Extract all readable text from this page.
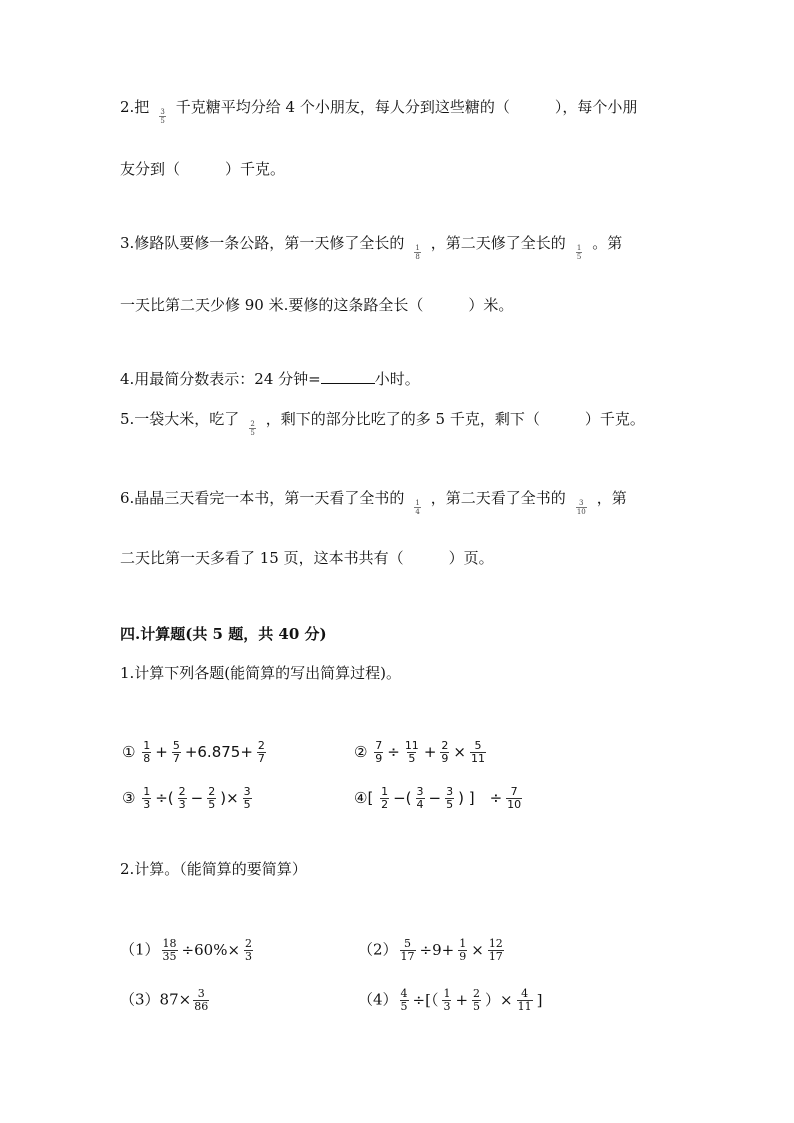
2.把 $\frac{3}{5}$ 千克糖平均分给 4 个小朋友，每人分到这些糖的（　　　），每个小朋
友分到（　　　）千克。
3.修路队要修一条公路，第一天修了全长的 $\frac{1}{8}$ ，第二天修了全长的 $\frac{1}{5}$ 。第
一天比第二天少修 90 米.要修的这条路全长（　　　）米。
4.用最简分数表示：24 分钟=	小时。
5.一袋大米，吃了 $\frac{2}{5}$ ，剩下的部分比吃了的多 5 千克，剩下（　　　）千克。
6.晶晶三天看完一本书，第一天看了全书的 $\frac{1}{4}$ ，第二天看了全书的 $\frac{3}{10}$ ，第
二天比第一天多看了 15 页，这本书共有（　　　）页。
四.计算题(共 5 题，共 40 分)
1.计算下列各题(能简算的写出简算过程)。
① $\frac{1}{8} + \frac{5}{7} +6.875+ \frac{2}{7}$	② $\frac{7}{9} \div \frac{11}{5} + \frac{2}{9} \times \frac{5}{11}$
③ $\frac{1}{3}$ ÷( $\frac{2}{3} - \frac{2}{5}$ )× $\frac{3}{5}$	④[ $\frac{1}{2}$ −( $\frac{3}{4} - \frac{3}{5}$ ) ]　÷ $\frac{7}{10}$
2.计算。（能简算的要简算）
$(1) \frac{18}{35} \div 60\%\times \frac{2}{3}$	$(2) \frac{5}{17} \div 9+ \frac{1}{9} \times \frac{12}{17}$
$(3)87\times \frac{3}{86}$	$(4) \frac{4}{5}$ ÷[（ $\frac{1}{3} + \frac{2}{5}$ ）× $\frac{4}{11}$ ]
